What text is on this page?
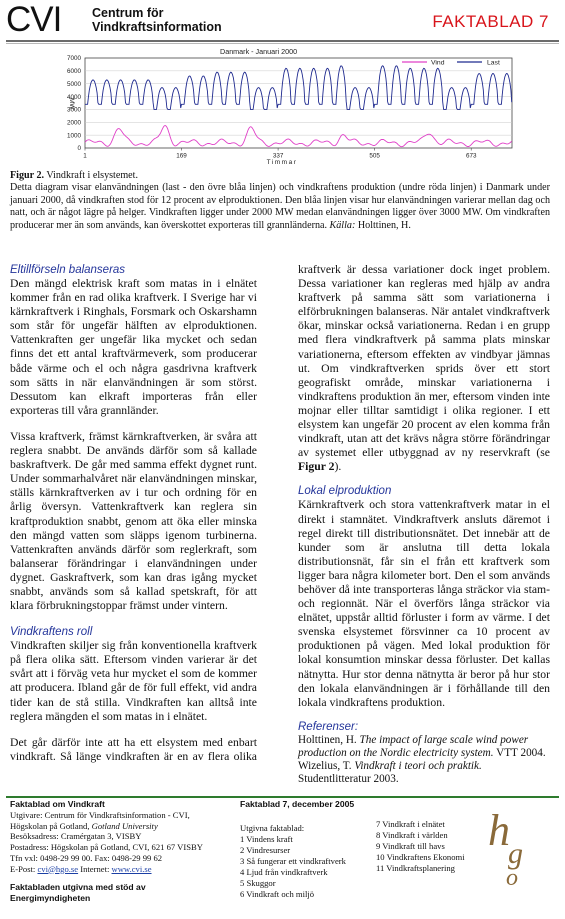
CVI Centrum för
Vindkraftsinformation	FAKTABLAD 7
Danmark - Januari 2000
MW
Timmar
0
1000
2000
3000
4000
5000
6000
7000
1	169	337	505	673
Vind	Last
Figur 2. Vindkraft i elsystemet.
Detta diagram visar elanvändningen (last - den övre blåa linjen) och vindkraftens produktion (undre röda linjen) i Danmark under januari 2000, då vindkraften stod för 12 procent av elproduktionen. Den blåa linjen visar hur elanvändningen varierar mellan dag och natt, och är något lägre på helger. Vindkraften ligger under 2000 MW medan elanvändningen ligger över 3000 MW. Om vindkraften producerar mer än som används, kan överskottet exporteras till grannländerna. Källa: Holttinen, H.
Eltillförseln balanseras

Den mängd elektrisk kraft som matas in i elnätet kommer från en rad olika kraftverk. I Sverige har vi kärnkraftverk i Ringhals, Forsmark och Oskarshamn som står för ungefär hälften av elproduktionen. Vattenkraften ger ungefär lika mycket och sedan finns det ett antal kraftvärmeverk, som producerar både värme och el och några gasdrivna kraftverk som sätts in när elanvändningen är som störst. Dessutom kan elkraft importeras från eller exporteras till våra grannländer.

Vissa kraftverk, främst kärnkraftverken, är svåra att reglera snabbt. De används därför som så kallade baskraftverk. De går med samma effekt dygnet runt. Under sommarhalvåret när elanvändningen minskar, ställs kärnkraftverken av i tur och ordning för en årlig översyn. Vattenkraftverk kan reglera sin kraftproduktion snabbt, genom att öka eller minska den mängd vatten som släpps igenom turbinerna. Vattenkraften används därför som reglerkraft, som balanserar förändringar i elanvändningen under dygnet. Gaskraftverk, som kan dras igång mycket snabbt, används som så kallad spetskraft, för att klara förbrukningstoppar främst under vintern.

Vindkraftens roll

Vindkraften skiljer sig från konventionella kraftverk på flera olika sätt. Eftersom vinden varierar är det svårt att i förväg veta hur mycket el som de kommer att producera. Ibland går de för full effekt, vid andra tider kan de stå stilla. Vindkraften kan alltså inte reglera mängden el som matas in i elnätet.

Det går därför inte att ha ett elsystem med enbart vindkraft. Så länge vindkraften är en av flera olika

kraftverk är dessa variationer dock inget problem. Dessa variationer kan regleras med hjälp av andra kraftverk på samma sätt som variationerna i elförbrukningen balanseras. När antalet vindkraftverk ökar, minskar också variationerna. Redan i en grupp med flera vindkraftverk på samma plats minskar variationerna, eftersom effekten av vindbyar jämnas ut. Om vindkraftverken sprids över ett stort geografiskt område, minskar variationerna i vindkraftens produktion än mer, eftersom vinden inte mojnar eller tilltar samtidigt i olika regioner. I ett elsystem kan ungefär 20 procent av elen komma från vindkraft, utan att det krävs några större förändringar av systemet eller utbyggnad av ny reservkraft (se Figur 2).

Lokal elproduktion

Kärnkraftverk och stora vattenkraftverk matar in el direkt i stamnätet. Vindkraftverk ansluts däremot i regel direkt till distributionsnätet. Det innebär att de kunder som är anslutna till detta lokala distributionsnät, får sin el från ett kraftverk som ligger bara några kilometer bort. Den el som används behöver då inte transporteras långa sträckor via stam- och regionnät. När el överförs långa sträckor via elnätet, uppstår alltid förluster i form av värme. I det svenska elsystemet försvinner ca 10 procent av produktionen på vägen. Med lokal produktion för lokal konsumtion minskar dessa förluster. Det kallas nätnytta. Hur stor denna nätnytta är beror på hur stor den lokala elanvändningen är i förhållande till den lokala vindkraftens produktion.

Referenser:
Holttinen, H. The impact of large scale wind power production on the Nordic electricity system. VTT 2004.
Wizelius, T. Vindkraft i teori och praktik. Studentlitteratur 2003.
Faktablad om Vindkraft
Utgivare: Centrum för Vindkraftsinformation - CVI,
Högskolan på Gotland, Gotland University
Besöksadress: Cramérgatan 3, VISBY
Postadress: Högskolan på Gotland, CVI, 621 67 VISBY
Tfn vxl: 0498-29 99 00. Fax: 0498-29 99 62
E-Post: cvi@hgo.se Internet: www.cvi.se
Faktabladen utgivna med stöd av
Energimyndigheten
Faktablad 7, december 2005
Utgivna faktablad:
1 Vindens kraft
2 Vindresurser
3 Så fungerar ett vindkraftverk
4 Ljud från vindkraftverk
5 Skuggor
6 Vindkraft och miljö
7 Vindkraft i elnätet
8 Vindkraft i världen
9 Vindkraft till havs
10 Vindkraftens Ekonomi
11 Vindkraftsplanering
h
g
o
